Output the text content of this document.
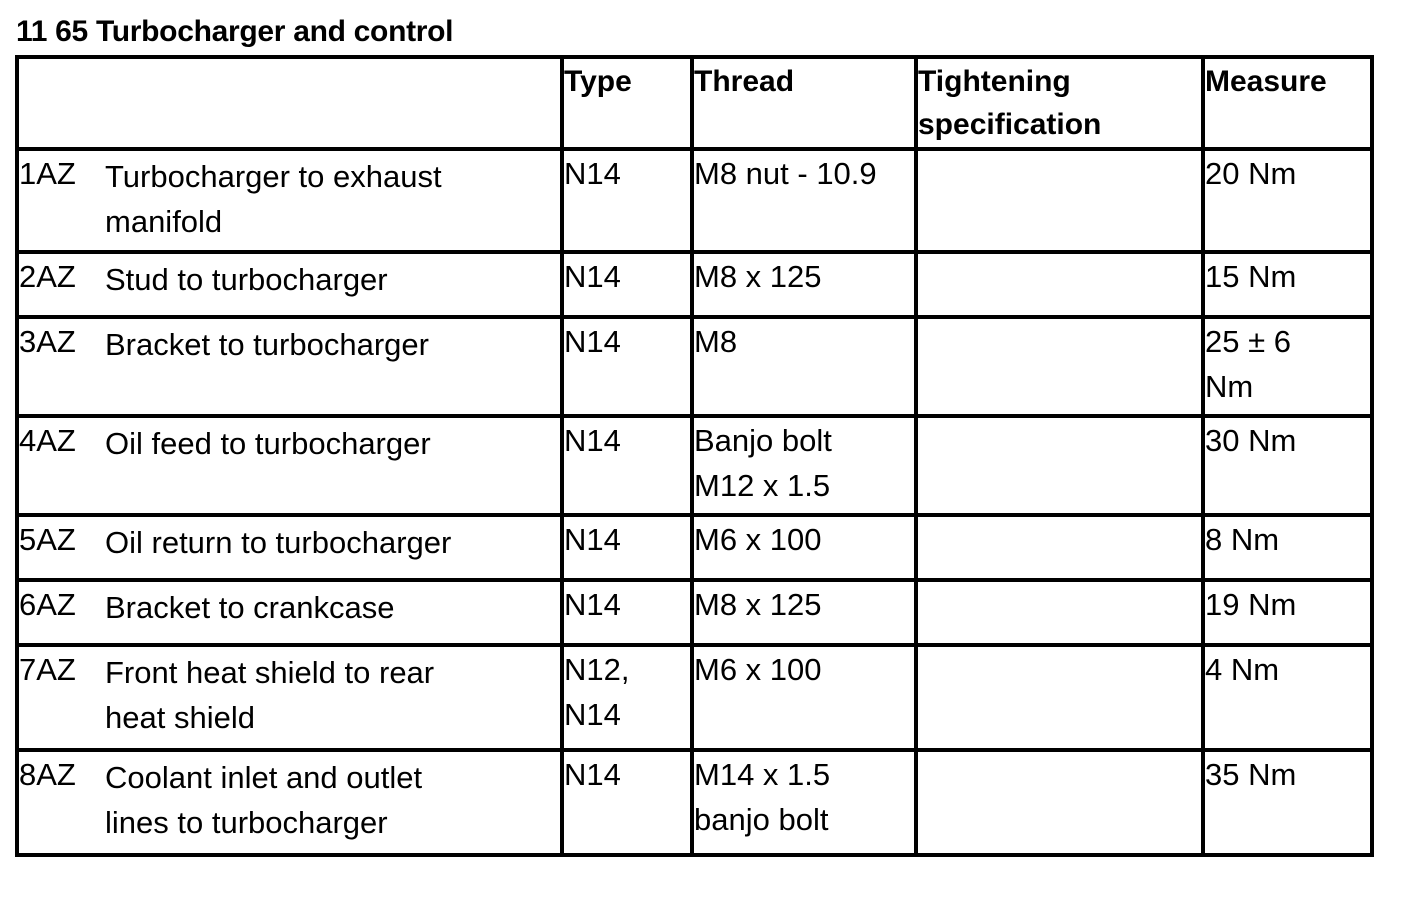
11 65 Turbocharger and control
	Type	Thread	Tightening
specification	Measure
1AZ Turbocharger to exhaust
manifold	N14	M8 nut - 10.9		20 Nm

2AZ Stud to turbocharger	N14	M8 x 125		15 Nm

3AZ Bracket to turbocharger	N14	M8		25 ± 6
Nm

4AZ Oil feed to turbocharger	N14	Banjo bolt
M12 x 1.5		30 Nm

5AZ Oil return to turbocharger	N14	M6 x 100		8 Nm

6AZ Bracket to crankcase	N14	M8 x 125		19 Nm

7AZ Front heat shield to rear
heat shield	N12,
N14	M6 x 100		4 Nm

8AZ Coolant inlet and outlet
lines to turbocharger	N14	M14 x 1.5
banjo bolt		35 Nm
